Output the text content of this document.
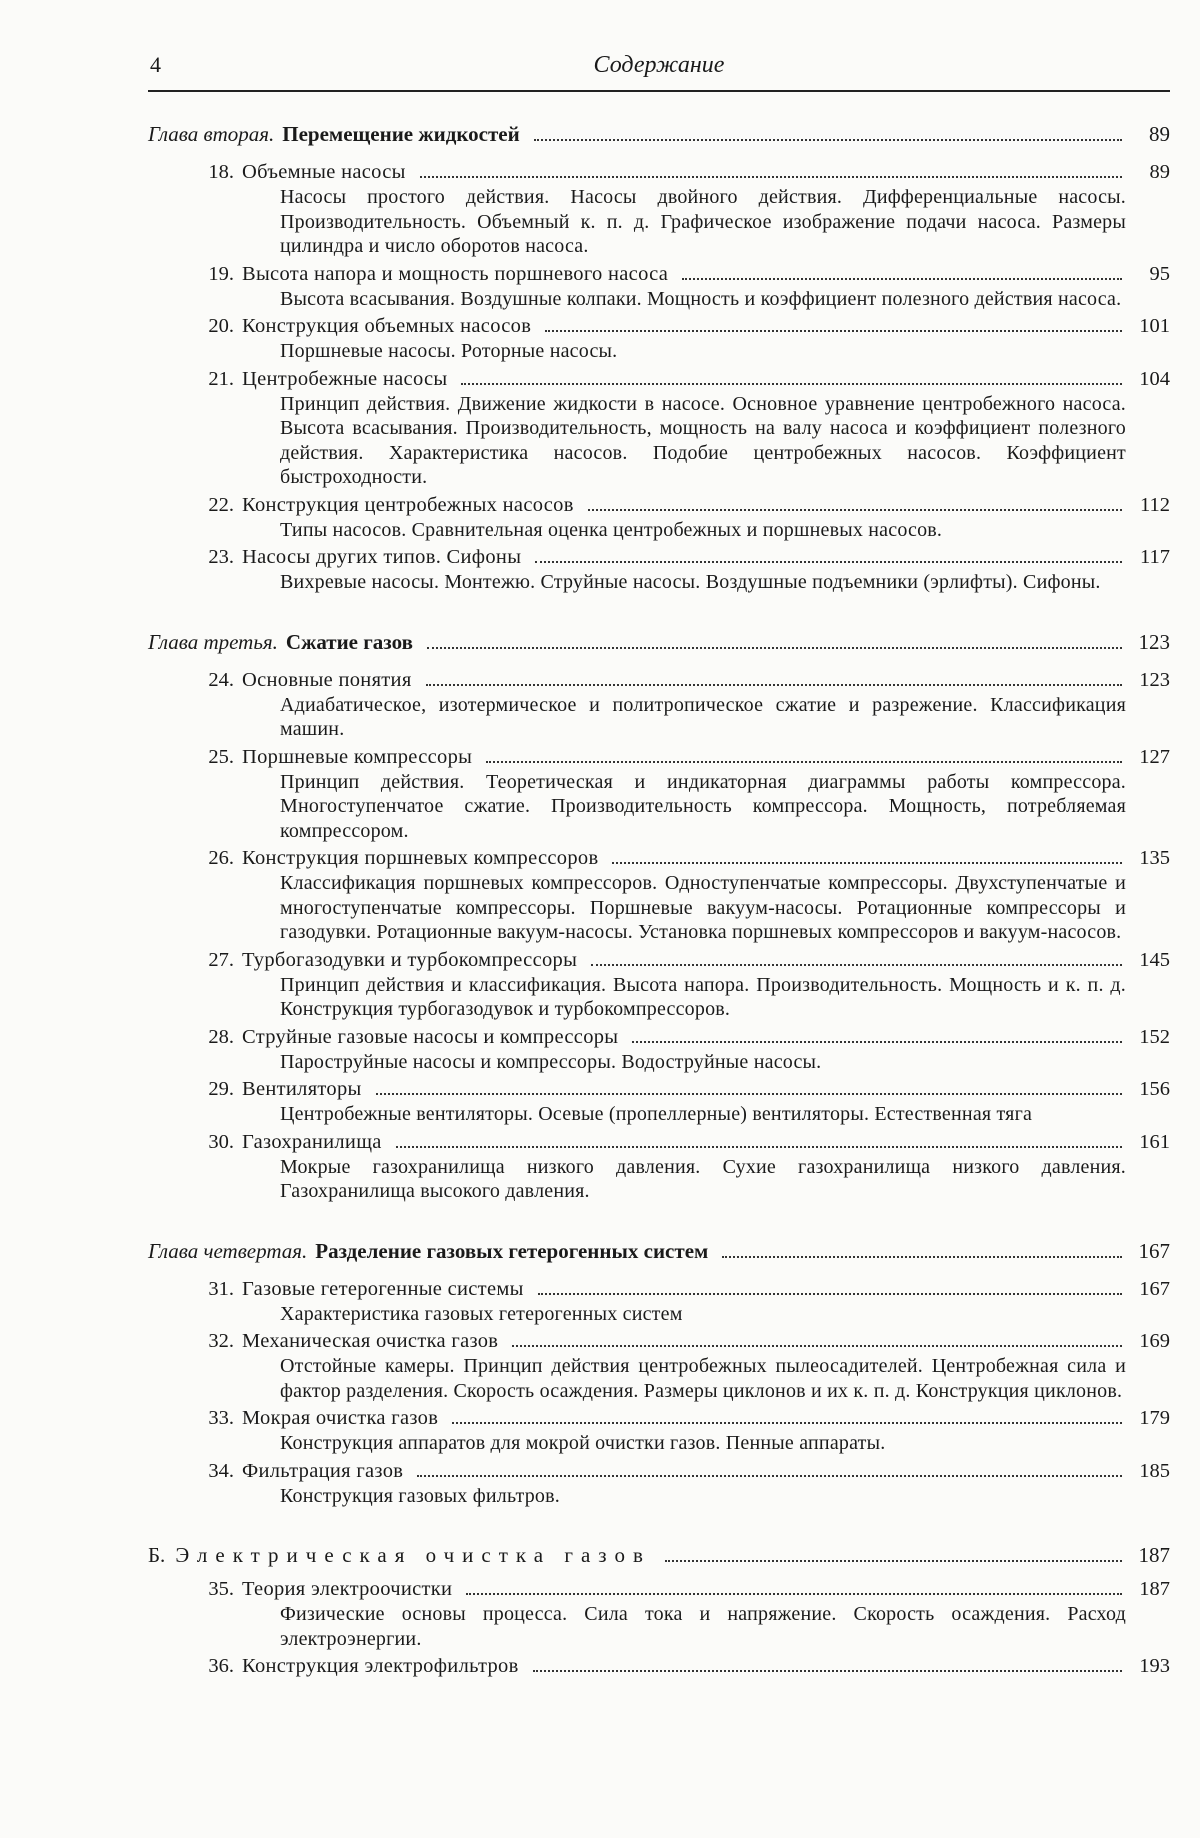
4	Содержание
Глава вторая. Перемещение жидкостей	89
18. Объемные насосы	89
Насосы простого действия. Насосы двойного действия. Дифференциальные насосы. Производительность. Объемный к. п. д. Графическое изображение подачи насоса. Размеры цилиндра и число оборотов насоса.
19. Высота напора и мощность поршневого насоса	95
Высота всасывания. Воздушные колпаки. Мощность и коэффициент полезного действия насоса.
20. Конструкция объемных насосов	101
Поршневые насосы. Роторные насосы.
21. Центробежные насосы	104
Принцип действия. Движение жидкости в насосе. Основное уравнение центробежного насоса. Высота всасывания. Производительность, мощность на валу насоса и коэффициент полезного действия. Характеристика насосов. Подобие центробежных насосов. Коэффициент быстроходности.
22. Конструкция центробежных насосов	112
Типы насосов. Сравнительная оценка центробежных и поршневых насосов.
23. Насосы других типов. Сифоны	117
Вихревые насосы. Монтежю. Струйные насосы. Воздушные подъемники (эрлифты). Сифоны.
Глава третья. Сжатие газов	123
24. Основные понятия	123
Адиабатическое, изотермическое и политропическое сжатие и разрежение. Классификация машин.
25. Поршневые компрессоры	127
Принцип действия. Теоретическая и индикаторная диаграммы работы компрессора. Многоступенчатое сжатие. Производительность компрессора. Мощность, потребляемая компрессором.
26. Конструкция поршневых компрессоров	135
Классификация поршневых компрессоров. Одноступенчатые компрессоры. Двухступенчатые и многоступенчатые компрессоры. Поршневые вакуум-насосы. Ротационные компрессоры и газодувки. Ротационные вакуум-насосы. Установка поршневых компрессоров и вакуум-насосов.
27. Турбогазодувки и турбокомпрессоры	145
Принцип действия и классификация. Высота напора. Производительность. Мощность и к. п. д. Конструкция турбогазодувок и турбокомпрессоров.
28. Струйные газовые насосы и компрессоры	152
Пароструйные насосы и компрессоры. Водоструйные насосы.
29. Вентиляторы	156
Центробежные вентиляторы. Осевые (пропеллерные) вентиляторы. Естественная тяга
30. Газохранилища	161
Мокрые газохранилища низкого давления. Сухие газохранилища низкого давления. Газохранилища высокого давления.
Глава четвертая. Разделение газовых гетерогенных систем	167
31. Газовые гетерогенные системы	167
Характеристика газовых гетерогенных систем
32. Механическая очистка газов	169
Отстойные камеры. Принцип действия центробежных пылеосадителей. Центробежная сила и фактор разделения. Скорость осаждения. Размеры циклонов и их к. п. д. Конструкция циклонов.
33. Мокрая очистка газов	179
Конструкция аппаратов для мокрой очистки газов. Пенные аппараты.
34. Фильтрация газов	185
Конструкция газовых фильтров.
Б. Электрическая очистка газов	187
35. Теория электроочистки	187
Физические основы процесса. Сила тока и напряжение. Скорость осаждения. Расход электроэнергии.
36. Конструкция электрофильтров	193
